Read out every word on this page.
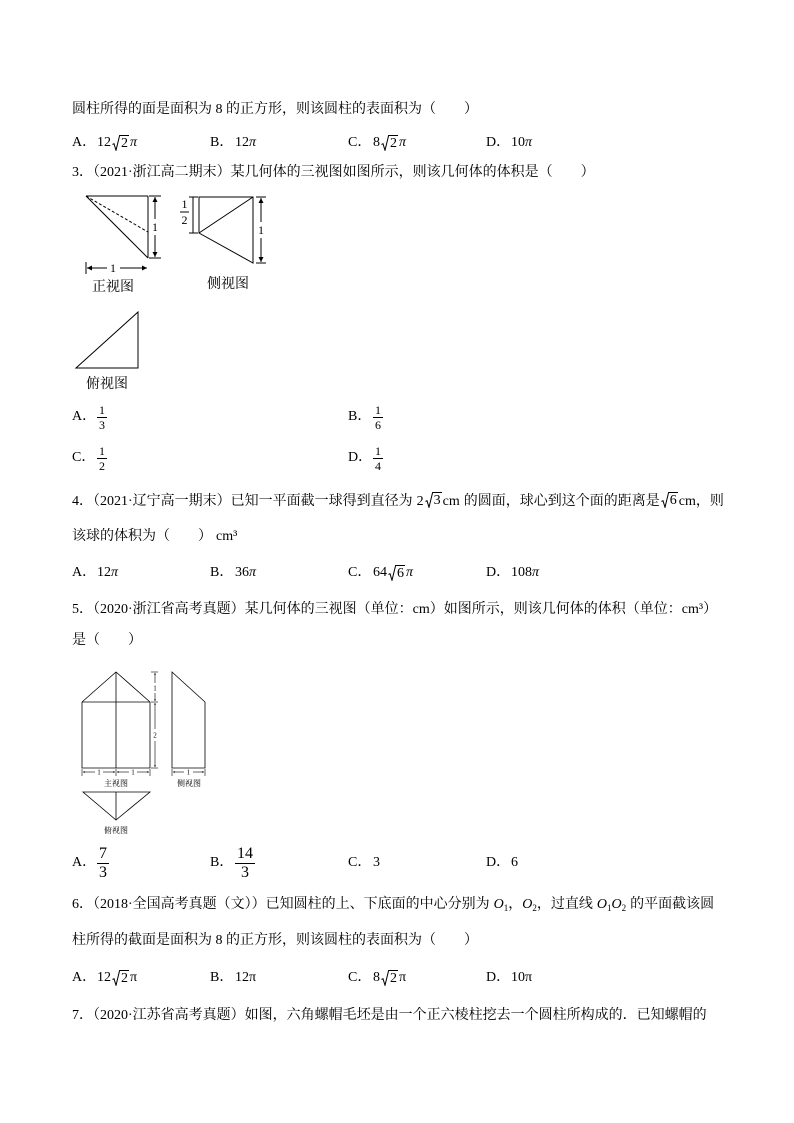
圆柱所得的面是面积为 8 的正方形，则该圆柱的表面积为（　　）
A． 12 2 π	B． 12 π	C． 8 2 π	D． 10 π
3．（2021·浙江高二期末）某几何体的三视图如图所示，则该几何体的体积是（　　）
1
1
正视图
1
2
1
侧视图
俯视图
A． $\frac{1}{3}$	B． $\frac{1}{6}$
C． $\frac{1}{2}$	D． $\frac{1}{4}$
4．（2021·辽宁高一期末）已知一平面截一球得到直径为 2 3 cm 的圆面，球心到这个面的距离是 6 cm，则
该球的体积为（　　） cm³
A． 12 π	B． 36 π	C． 64 6 π	D． 108 π
5．（2020·浙江省高考真题）某几何体的三视图（单位：cm）如图所示，则该几何体的体积（单位：cm³）
是（　　）
1
2
1	1
主视图
1
侧视图
俯视图
A． $\frac{7}{3}$	B． $\frac{14}{3}$	C． 3	D． 6
6．（2018·全国高考真题（文））已知圆柱的上、下底面的中心分别为 $O_1$，$O_2$，过直线 $O_1O_2$ 的平面截该圆
柱所得的截面是面积为 8 的正方形，则该圆柱的表面积为（　　）
A． 12 2 π	B． 12 π	C． 8 2 π	D． 10 π
7．（2020·江苏省高考真题）如图，六角螺帽毛坯是由一个正六棱柱挖去一个圆柱所构成的．已知螺帽的
